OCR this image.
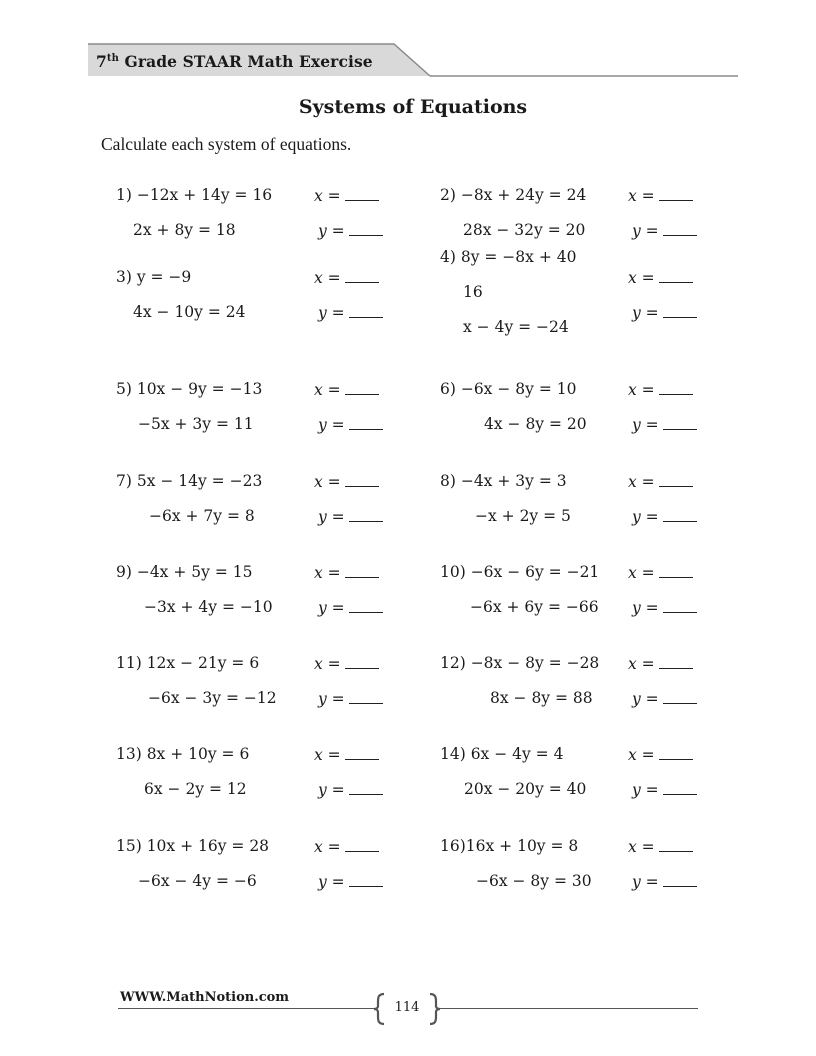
7th Grade STAAR Math Exercise
Systems of Equations
Calculate each system of equations.
1) −12x + 14y = 16
2x + 8y = 18
x =
y =
2) −8x + 24y = 24
28x − 32y = 20
x =
y =
3) y = −9
4x − 10y = 24
x =
y =
4) 8y = −8x + 40
16
x − 4y = −24
x =
y =
5) 10x − 9y = −13
−5x + 3y = 11
x =
y =
6) −6x − 8y = 10
4x − 8y = 20
x =
y =
7) 5x − 14y = −23
−6x + 7y = 8
x =
y =
8) −4x + 3y = 3
−x + 2y = 5
x =
y =
9) −4x + 5y = 15
−3x + 4y = −10
x =
y =
10) −6x − 6y = −21
−6x + 6y = −66
x =
y =
11) 12x − 21y = 6
−6x − 3y = −12
x =
y =
12) −8x − 8y = −28
8x − 8y = 88
x =
y =
13) 8x + 10y = 6
6x − 2y = 12
x =
y =
14) 6x − 4y = 4
20x − 20y = 40
x =
y =
15) 10x + 16y = 28
−6x − 4y = −6
x =
y =
16)16x + 10y = 8
−6x − 8y = 30
x =
y =
WWW.MathNotion.com
114
